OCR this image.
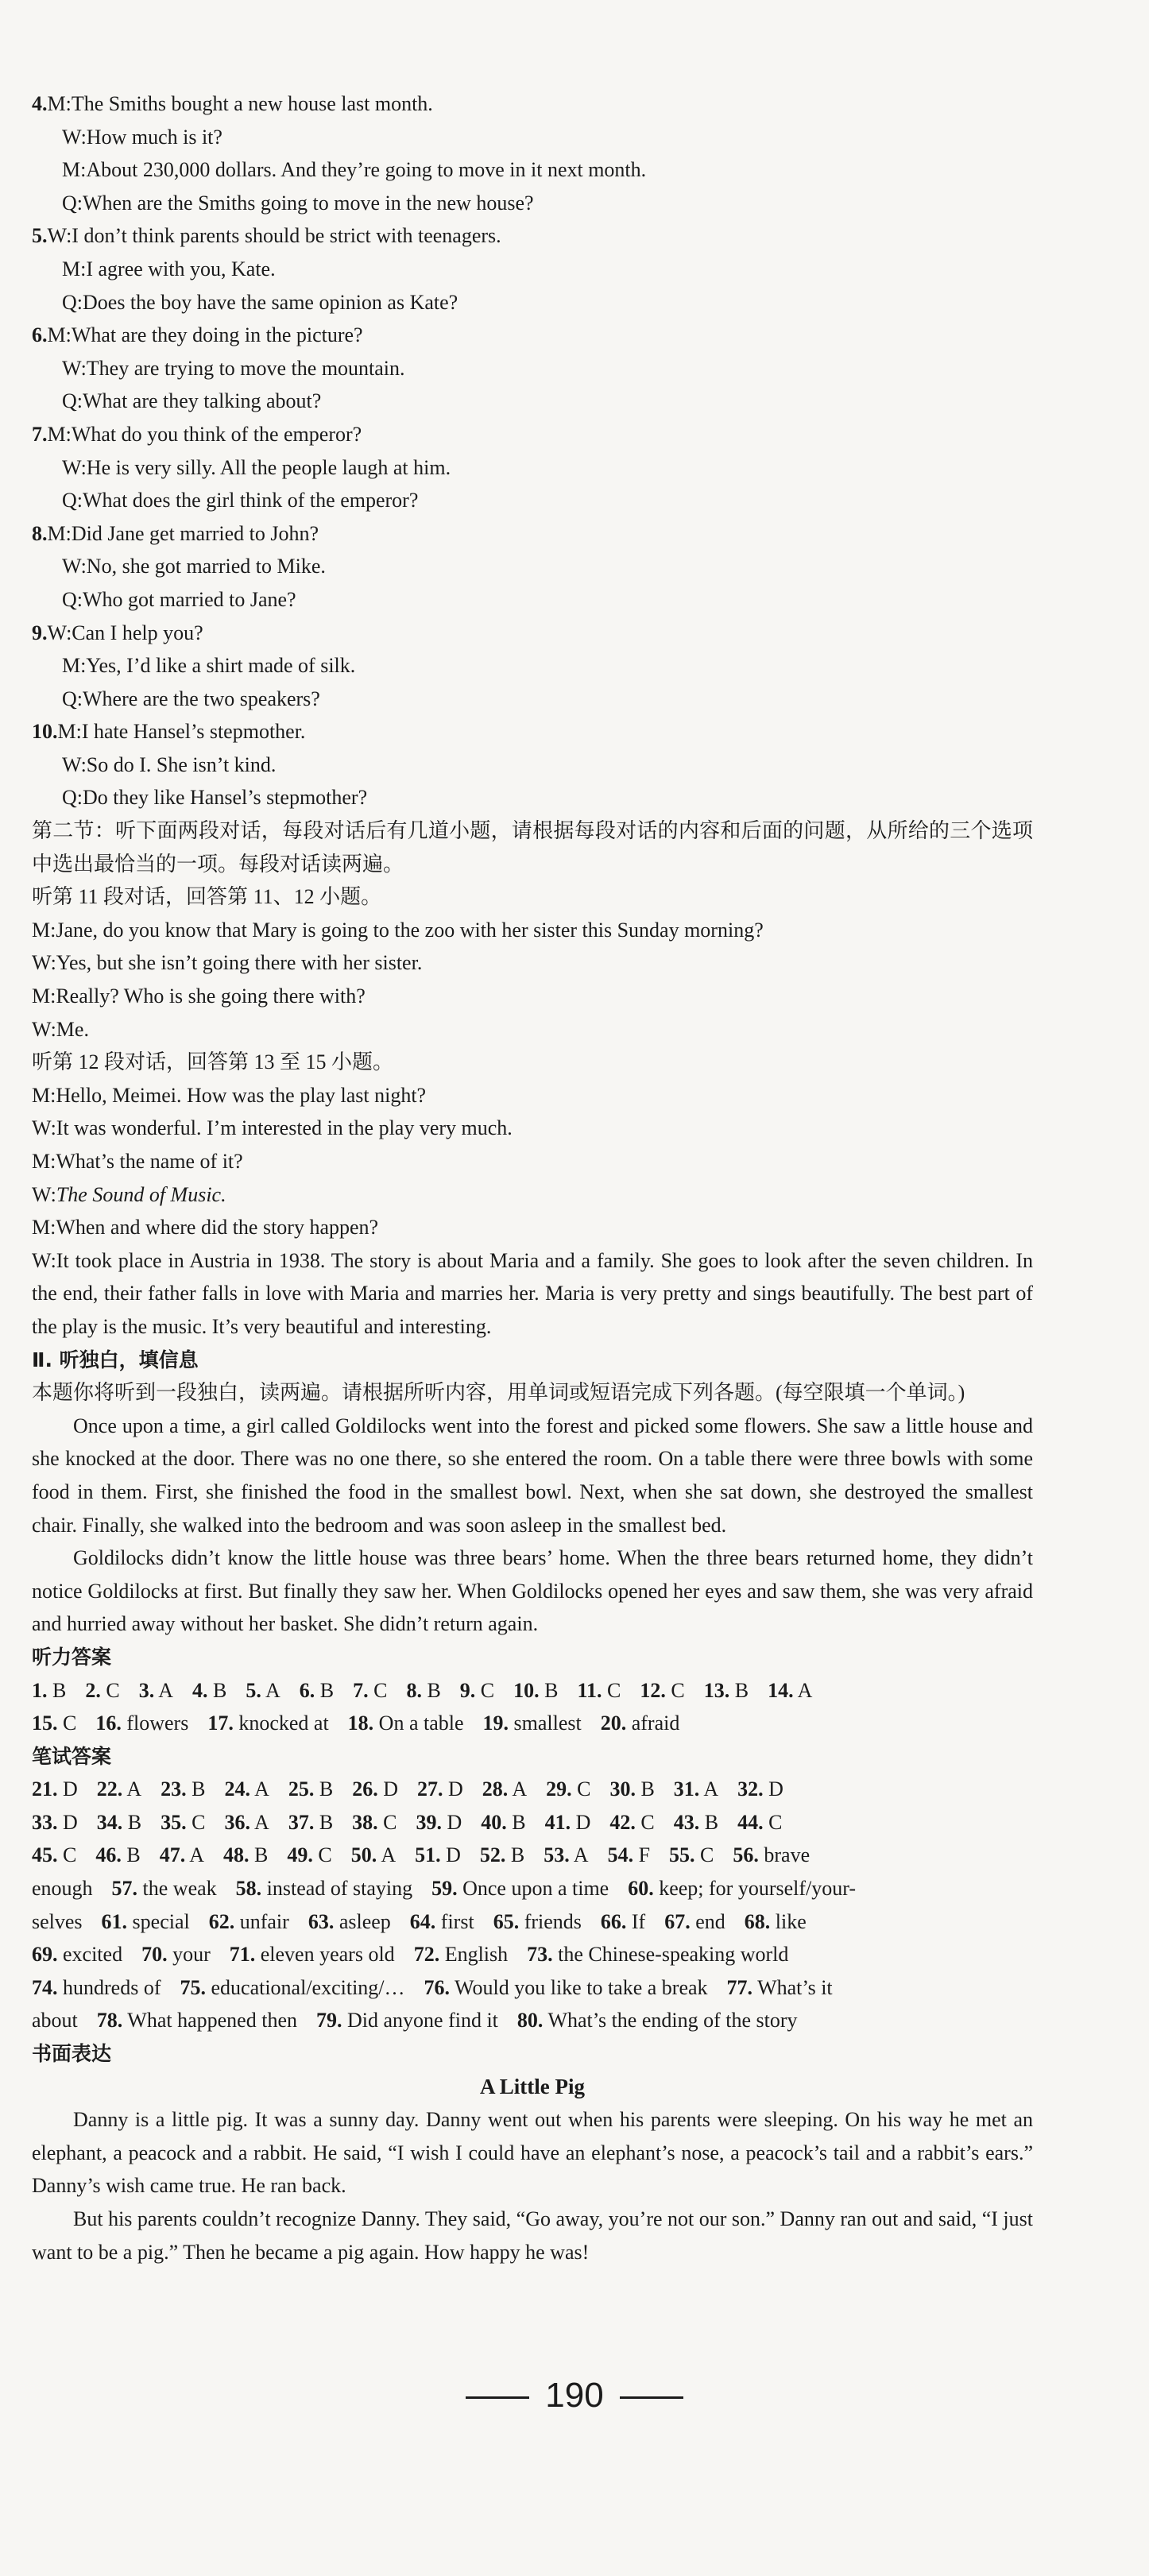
4.M:The Smiths bought a new house last month.
W:How much is it?
M:About 230,000 dollars. And they’re going to move in it next month.
Q:When are the Smiths going to move in the new house?
5.W:I don’t think parents should be strict with teenagers.
M:I agree with you, Kate.
Q:Does the boy have the same opinion as Kate?
6.M:What are they doing in the picture?
W:They are trying to move the mountain.
Q:What are they talking about?
7.M:What do you think of the emperor?
W:He is very silly. All the people laugh at him.
Q:What does the girl think of the emperor?
8.M:Did Jane get married to John?
W:No, she got married to Mike.
Q:Who got married to Jane?
9.W:Can I help you?
M:Yes, I’d like a shirt made of silk.
Q:Where are the two speakers?
10.M:I hate Hansel’s stepmother.
W:So do I. She isn’t kind.
Q:Do they like Hansel’s stepmother?
第二节：听下面两段对话，每段对话后有几道小题，请根据每段对话的内容和后面的问题，从所给的三个选项中选出最恰当的一项。每段对话读两遍。
听第 11 段对话，回答第 11、12 小题。
M:Jane, do you know that Mary is going to the zoo with her sister this Sunday morning?
W:Yes, but she isn’t going there with her sister.
M:Really? Who is she going there with?
W:Me.
听第 12 段对话，回答第 13 至 15 小题。
M:Hello, Meimei. How was the play last night?
W:It was wonderful. I’m interested in the play very much.
M:What’s the name of it?
W:The Sound of Music.
M:When and where did the story happen?
W:It took place in Austria in 1938. The story is about Maria and a family. She goes to look after the seven children. In the end, their father falls in love with Maria and marries her. Maria is very pretty and sings beautifully. The best part of the play is the music. It’s very beautiful and interesting.
Ⅱ. 听独白，填信息
本题你将听到一段独白，读两遍。请根据所听内容，用单词或短语完成下列各题。(每空限填一个单词。)
Once upon a time, a girl called Goldilocks went into the forest and picked some flowers. She saw a little house and she knocked at the door. There was no one there, so she entered the room. On a table there were three bowls with some food in them. First, she finished the food in the smallest bowl. Next, when she sat down, she destroyed the smallest chair. Finally, she walked into the bedroom and was soon asleep in the smallest bed.
Goldilocks didn’t know the little house was three bears’ home. When the three bears returned home, they didn’t notice Goldilocks at first. But finally they saw her. When Goldilocks opened her eyes and saw them, she was very afraid and hurried away without her basket. She didn’t return again.
听力答案
1. B 2. C 3. A 4. B 5. A 6. B 7. C 8. B 9. C 10. B 11. C 12. C 13. B 14. A
15. C 16. flowers 17. knocked at 18. On a table 19. smallest 20. afraid
笔试答案
21. D 22. A 23. B 24. A 25. B 26. D 27. D 28. A 29. C 30. B 31. A 32. D
33. D 34. B 35. C 36. A 37. B 38. C 39. D 40. B 41. D 42. C 43. B 44. C
45. C 46. B 47. A 48. B 49. C 50. A 51. D 52. B 53. A 54. F 55. C 56. brave
enough 57. the weak 58. instead of staying 59. Once upon a time 60. keep; for yourself/your-
selves 61. special 62. unfair 63. asleep 64. first 65. friends 66. If 67. end 68. like
69. excited 70. your 71. eleven years old 72. English 73. the Chinese-speaking world
74. hundreds of 75. educational/exciting/… 76. Would you like to take a break 77. What’s it
about 78. What happened then 79. Did anyone find it 80. What’s the ending of the story
书面表达
A Little Pig
Danny is a little pig. It was a sunny day. Danny went out when his parents were sleeping. On his way he met an elephant, a peacock and a rabbit. He said, “I wish I could have an elephant’s nose, a peacock’s tail and a rabbit’s ears.” Danny’s wish came true. He ran back.
But his parents couldn’t recognize Danny. They said, “Go away, you’re not our son.” Danny ran out and said, “I just want to be a pig.” Then he became a pig again. How happy he was!
190
